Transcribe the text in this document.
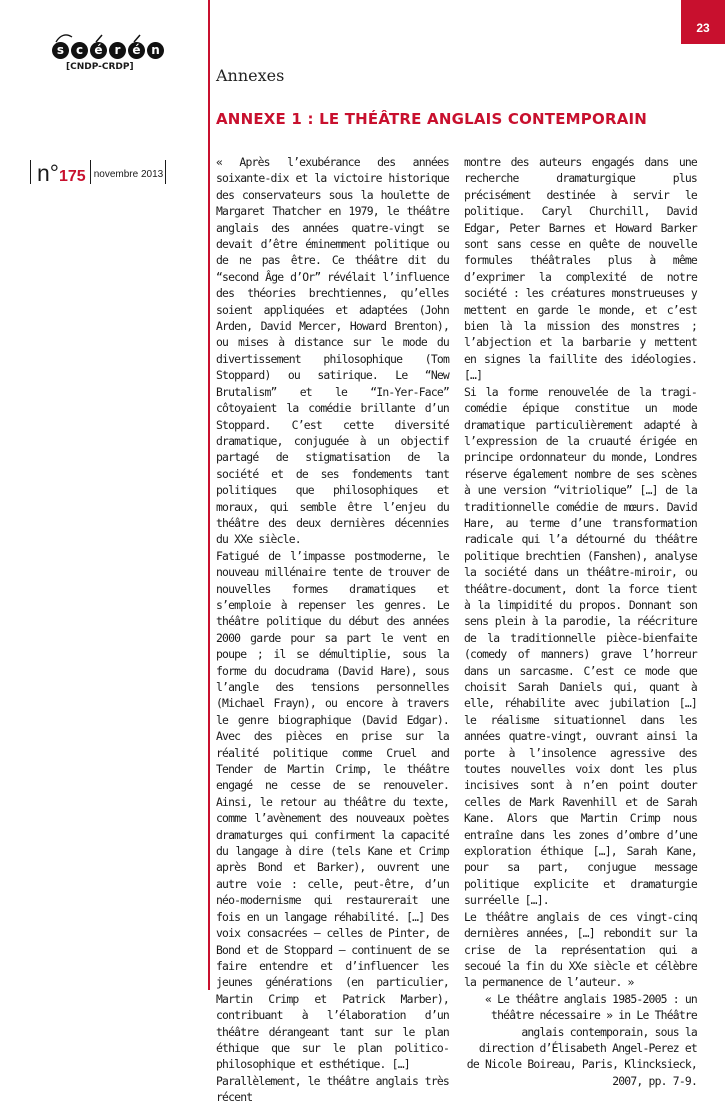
23
s c é r é n
[CNDP-CRDP]
n°175 novembre 2013
Annexes
ANNEXE 1 : LE THÉÂTRE ANGLAIS CONTEMPORAIN

« Après l’exubérance des années soixante-dix et la victoire historique des conservateurs sous la houlette de Margaret Thatcher en 1979, le théâtre anglais des années quatre-vingt se devait d’être éminemment politique ou de ne pas être. Ce théâtre dit du “second Âge d’Or” révélait l’influence des théories brechtiennes, qu’elles soient appliquées et adaptées (John Arden, David Mercer, Howard Brenton), ou mises à distance sur le mode du divertissement philosophique (Tom Stoppard) ou satirique. Le “New Brutalism” et le “In-Yer-Face” côtoyaient la comédie brillante d’un Stoppard. C’est cette diversité dramatique, conjuguée à un objectif partagé de stigmatisation de la société et de ses fondements tant politiques que philosophiques et moraux, qui semble être l’enjeu du théâtre des deux dernières décennies du XXe siècle.

Fatigué de l’impasse postmoderne, le nouveau millénaire tente de trouver de nouvelles formes dramatiques et s’emploie à repenser les genres. Le théâtre politique du début des années 2000 garde pour sa part le vent en poupe ; il se démultiplie, sous la forme du docudrama (David Hare), sous l’angle des tensions personnelles (Michael Frayn), ou encore à travers le genre biographique (David Edgar). Avec des pièces en prise sur la réalité politique comme Cruel and Tender de Martin Crimp, le théâtre engagé ne cesse de se renouveler. Ainsi, le retour au théâtre du texte, comme l’avènement des nouveaux poètes dramaturges qui confirment la capacité du langage à dire (tels Kane et Crimp après Bond et Barker), ouvrent une autre voie : celle, peut-être, d’un néo-modernisme qui restaurerait une fois en un langage réhabilité. […] Des voix consacrées – celles de Pinter, de Bond et de Stoppard – continuent de se faire entendre et d’influencer les jeunes générations (en particulier, Martin Crimp et Patrick Marber), contribuant à l’élaboration d’un théâtre dérangeant tant sur le plan éthique que sur le plan politico-philosophique et esthétique. […]

Parallèlement, le théâtre anglais très récent

montre des auteurs engagés dans une recherche dramaturgique plus précisément destinée à servir le politique. Caryl Churchill, David Edgar, Peter Barnes et Howard Barker sont sans cesse en quête de nouvelle formules théâtrales plus à même d’exprimer la complexité de notre société : les créatures monstrueuses y mettent en garde le monde, et c’est bien là la mission des monstres ; l’abjection et la barbarie y mettent en signes la faillite des idéologies. […]

Si la forme renouvelée de la tragi-comédie épique constitue un mode dramatique particulièrement adapté à l’expression de la cruauté érigée en principe ordonnateur du monde, Londres réserve également nombre de ses scènes à une version “vitriolique” […] de la traditionnelle comédie de mœurs. David Hare, au terme d’une transformation radicale qui l’a détourné du théâtre politique brechtien (Fanshen), analyse la société dans un théâtre-miroir, ou théâtre-document, dont la force tient à la limpidité du propos. Donnant son sens plein à la parodie, la réécriture de la traditionnelle pièce-bienfaite (comedy of manners) grave l’horreur dans un sarcasme. C’est ce mode que choisit Sarah Daniels qui, quant à elle, réhabilite avec jubilation […] le réalisme situationnel dans les années quatre-vingt, ouvrant ainsi la porte à l’insolence agressive des toutes nouvelles voix dont les plus incisives sont à n’en point douter celles de Mark Ravenhill et de Sarah Kane. Alors que Martin Crimp nous entraîne dans les zones d’ombre d’une exploration éthique […], Sarah Kane, pour sa part, conjugue message politique explicite et dramaturgie surréelle […].

Le théâtre anglais de ces vingt-cinq dernières années, […] rebondit sur la crise de la représentation qui a secoué la fin du XXe siècle et célèbre la permanence de l’auteur. »

« Le théâtre anglais 1985-2005 : un théâtre nécessaire » in Le Théâtre anglais contemporain, sous la direction d’Élisabeth Angel-Perez et de Nicole Boireau, Paris, Klincksieck, 2007, pp. 7-9.
